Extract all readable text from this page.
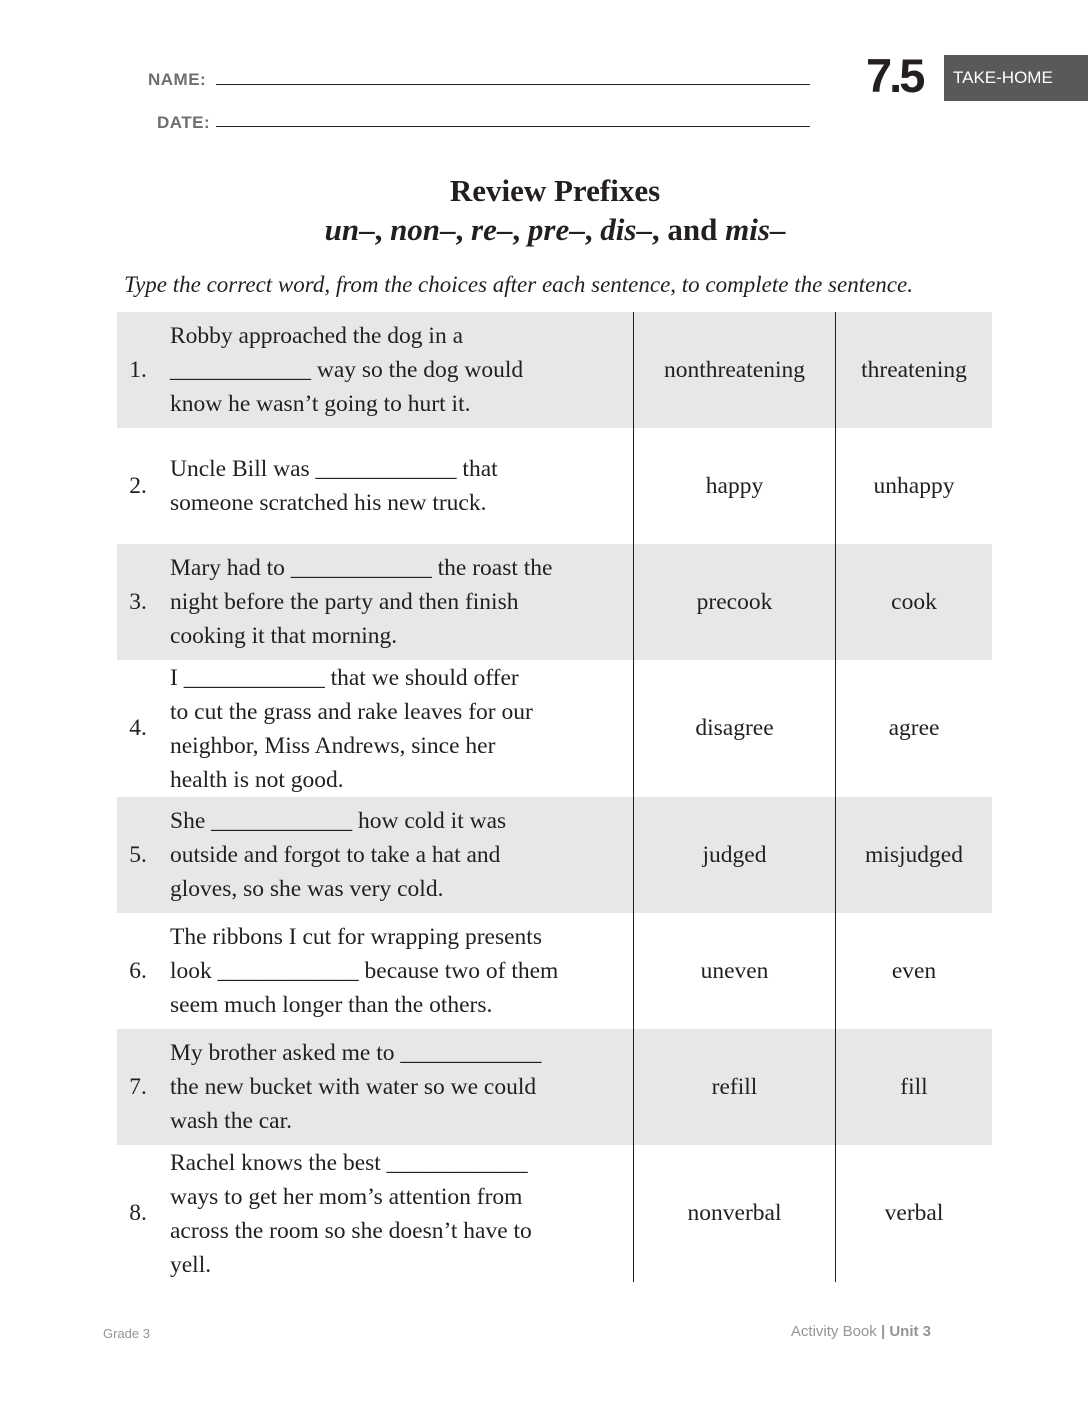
NAME:
DATE:
7.5	TAKE-HOME
Review Prefixes
un–, non–, re–, pre–, dis–, and mis–
Type the correct word, from the choices after each sentence, to complete the sentence.
1.
Robby approached the dog in a
____________ way so the dog would
know he wasn’t going to hurt it.
nonthreatening	threatening
2.
Uncle Bill was ____________ that
someone scratched his new truck.
happy	unhappy
3.
Mary had to ____________ the roast the
night before the party and then finish
cooking it that morning.
precook	cook
4.
I ____________ that we should offer
to cut the grass and rake leaves for our
neighbor, Miss Andrews, since her
health is not good.
disagree	agree
5.
She ____________ how cold it was
outside and forgot to take a hat and
gloves, so she was very cold.
judged	misjudged
6.
The ribbons I cut for wrapping presents
look ____________ because two of them
seem much longer than the others.
uneven	even
7.
My brother asked me to ____________
the new bucket with water so we could
wash the car.
refill	fill
8.
Rachel knows the best ____________
ways to get her mom’s attention from
across the room so she doesn’t have to
yell.
nonverbal	verbal
Grade 3	Activity Book | Unit 3
